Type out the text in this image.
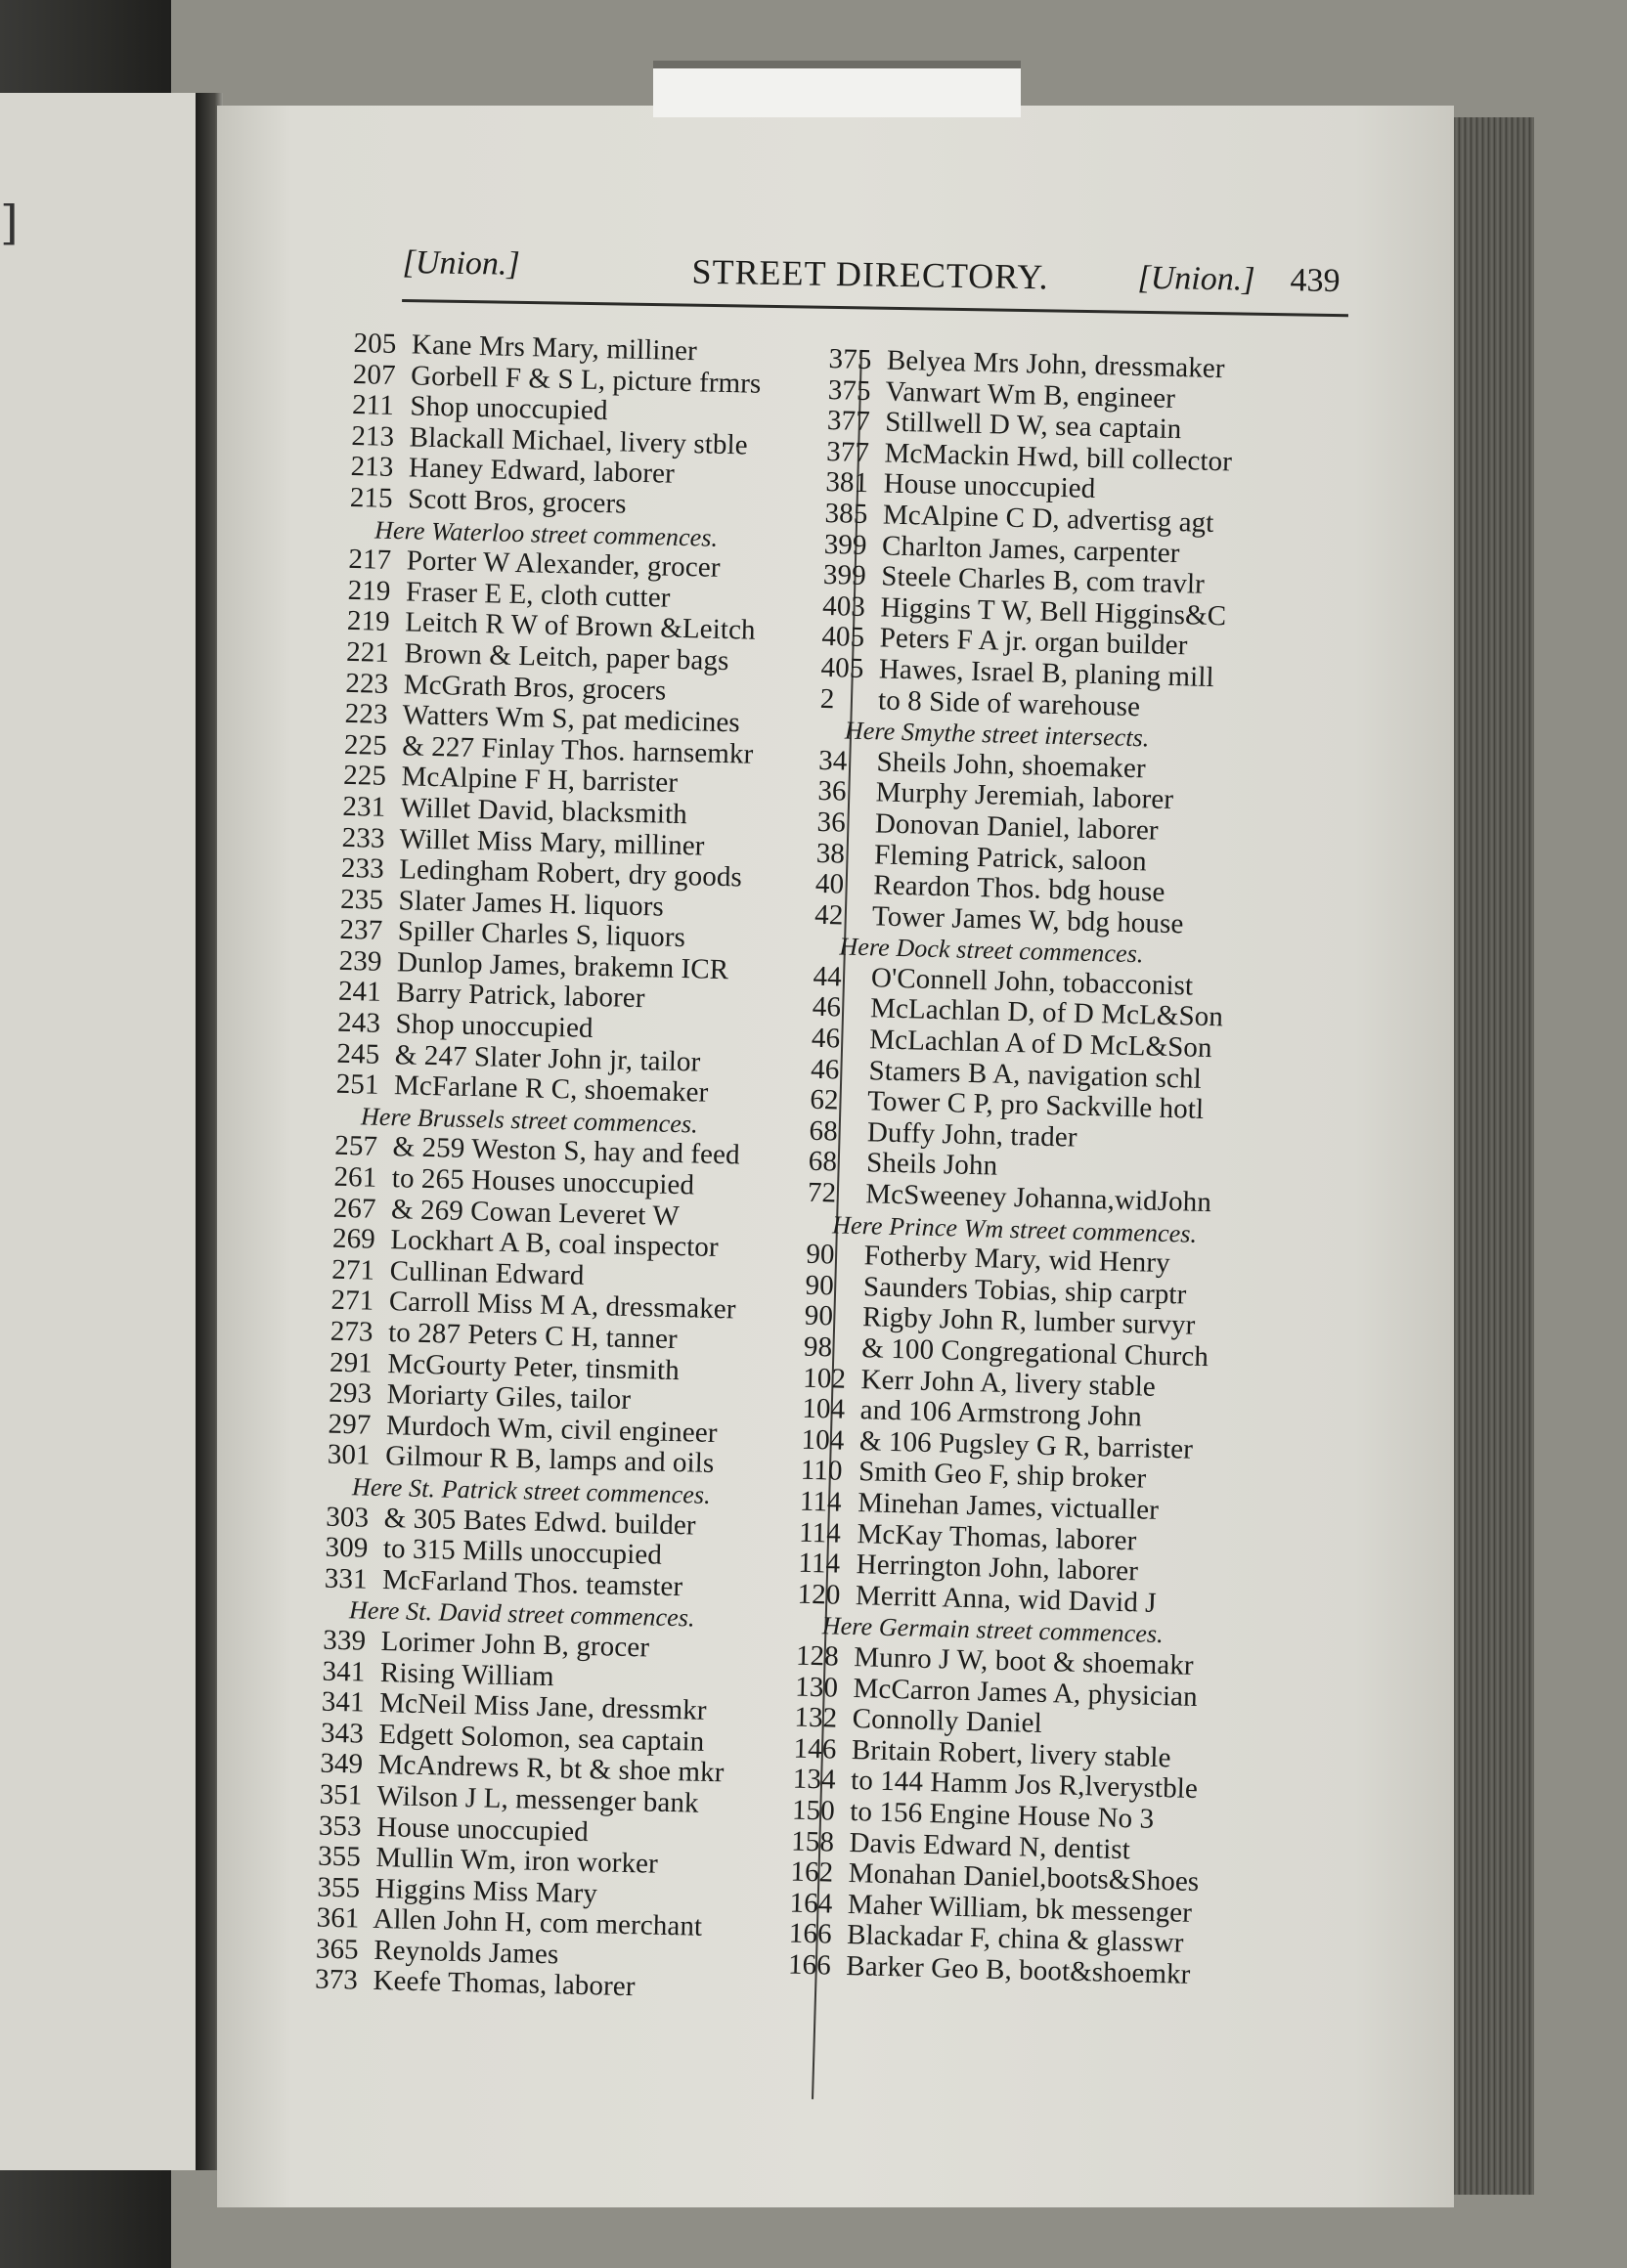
]
[Union.]	STREET DIRECTORY.	[Union.] 439
205 Kane Mrs Mary, milliner
207 Gorbell F & S L, picture frmrs
211 Shop unoccupied
213 Blackall Michael, livery stble
213 Haney Edward, laborer
215 Scott Bros, grocers
Here Waterloo street commences.
217 Porter W Alexander, grocer
219 Fraser E E, cloth cutter
219 Leitch R W of Brown &Leitch
221 Brown & Leitch, paper bags
223 McGrath Bros, grocers
223 Watters Wm S, pat medicines
225 & 227 Finlay Thos. harnsemkr
225 McAlpine F H, barrister
231 Willet David, blacksmith
233 Willet Miss Mary, milliner
233 Ledingham Robert, dry goods
235 Slater James H. liquors
237 Spiller Charles S, liquors
239 Dunlop James, brakemn ICR
241 Barry Patrick, laborer
243 Shop unoccupied
245 & 247 Slater John jr, tailor
251 McFarlane R C, shoemaker
Here Brussels street commences.
257 & 259 Weston S, hay and feed
261 to 265 Houses unoccupied
267 & 269 Cowan Leveret W
269 Lockhart A B, coal inspector
271 Cullinan Edward
271 Carroll Miss M A, dressmaker
273 to 287 Peters C H, tanner
291 McGourty Peter, tinsmith
293 Moriarty Giles, tailor
297 Murdoch Wm, civil engineer
301 Gilmour R B, lamps and oils
Here St. Patrick street commences.
303 & 305 Bates Edwd. builder
309 to 315 Mills unoccupied
331 McFarland Thos. teamster
Here St. David street commences.
339 Lorimer John B, grocer
341 Rising William
341 McNeil Miss Jane, dressmkr
343 Edgett Solomon, sea captain
349 McAndrews R, bt & shoe mkr
351 Wilson J L, messenger bank
353 House unoccupied
355 Mullin Wm, iron worker
355 Higgins Miss Mary
361 Allen John H, com merchant
365 Reynolds James
373 Keefe Thomas, laborer
375 Belyea Mrs John, dressmaker
375 Vanwart Wm B, engineer
377 Stillwell D W, sea captain
377 McMackin Hwd, bill collector
381 House unoccupied
385 McAlpine C D, advertisg agt
399 Charlton James, carpenter
399 Steele Charles B, com travlr
403 Higgins T W, Bell Higgins&C
405 Peters F A jr. organ builder
405 Hawes, Israel B, planing mill
2 to 8 Side of warehouse
Here Smythe street intersects.
34 Sheils John, shoemaker
36 Murphy Jeremiah, laborer
36 Donovan Daniel, laborer
38 Fleming Patrick, saloon
40 Reardon Thos. bdg house
42 Tower James W, bdg house
Here Dock street commences.
44 O'Connell John, tobacconist
46 McLachlan D, of D McL&Son
46 McLachlan A of D McL&Son
46 Stamers B A, navigation schl
62 Tower C P, pro Sackville hotl
68 Duffy John, trader
68 Sheils John
72 McSweeney Johanna,widJohn
Here Prince Wm street commences.
90 Fotherby Mary, wid Henry
90 Saunders Tobias, ship carptr
90 Rigby John R, lumber survyr
98 & 100 Congregational Church
102 Kerr John A, livery stable
104 and 106 Armstrong John
104 & 106 Pugsley G R, barrister
110 Smith Geo F, ship broker
114 Minehan James, victualler
114 McKay Thomas, laborer
114 Herrington John, laborer
120 Merritt Anna, wid David J
Here Germain street commences.
128 Munro J W, boot & shoemakr
130 McCarron James A, physician
132 Connolly Daniel
146 Britain Robert, livery stable
134 to 144 Hamm Jos R,lverystble
150 to 156 Engine House No 3
158 Davis Edward N, dentist
162 Monahan Daniel,boots&Shoes
164 Maher William, bk messenger
166 Blackadar F, china & glasswr
166 Barker Geo B, boot&shoemkr
